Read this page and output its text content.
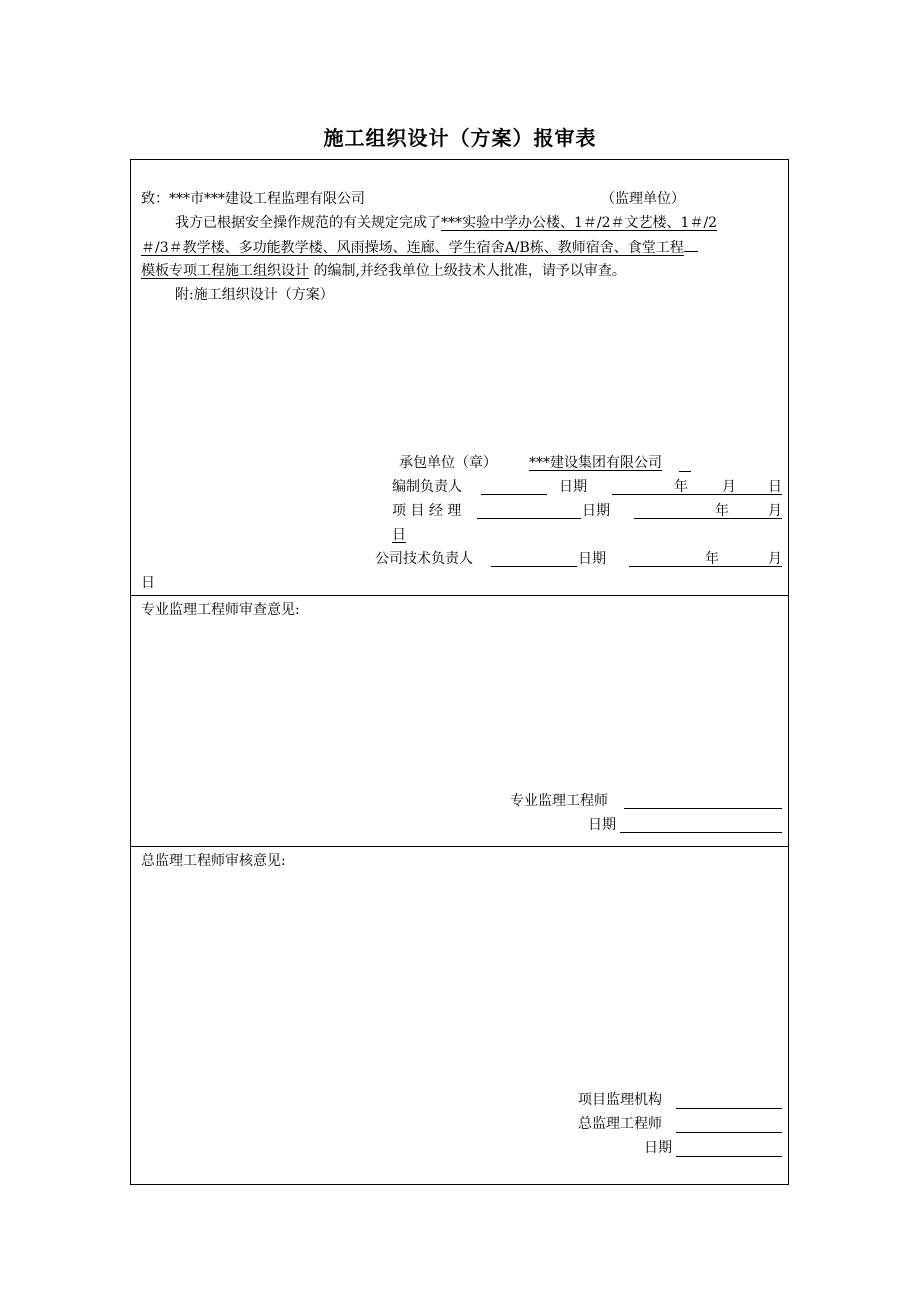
施工组织设计（方案）报审表
致：***市***建设工程监理有限公司	（监理单位）
我方已根据安全操作规范的有关规定完成了***实验中学办公楼、1＃/2＃文艺楼、1＃/2
＃/3＃教学楼、多功能教学楼、风雨操场、连廊、学生宿舍A/B栋、教师宿舍、食堂工程
模板专项工程施工组织设计 的编制,并经我单位上级技术人批准，请予以审查。
附:施工组织设计（方案）
承包单位（章） ***建设集团有限公司
编制负责人	日期	年 月 日
项 目 经 理	日期	年	月
日
公司技术负责人	日期	年	月
日
专业监理工程师审查意见:
专业监理工程师
日期
总监理工程师审核意见:
项目监理机构
总监理工程师
日期
